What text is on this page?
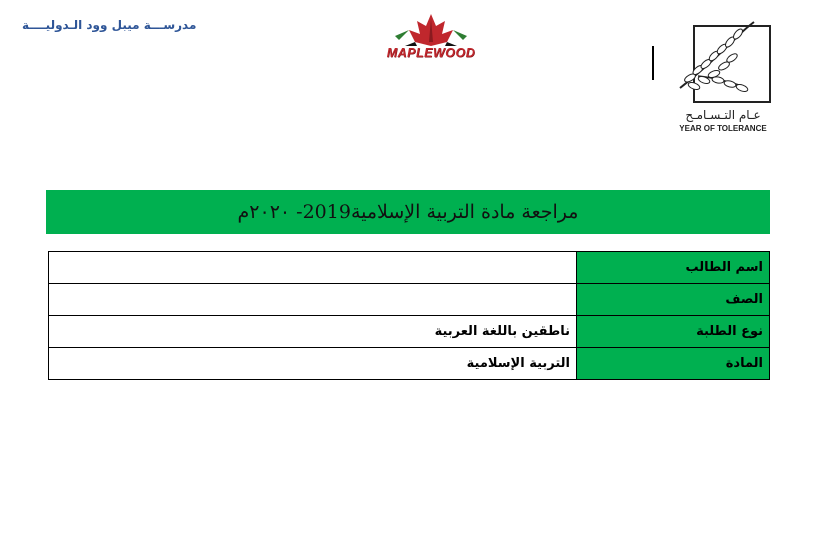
مدرســـة ميبل وود الـدوليــــة
MAPLEWOOD
عـام التـسـامـح
YEAR OF TOLERANCE
مراجعة مادة التربية الإسلامية2019- ٢٠٢٠م
اسم الطالب	
الصف	
نوع الطلبة	ناطقين باللغة العربية
المادة	التربية الإسلامية
